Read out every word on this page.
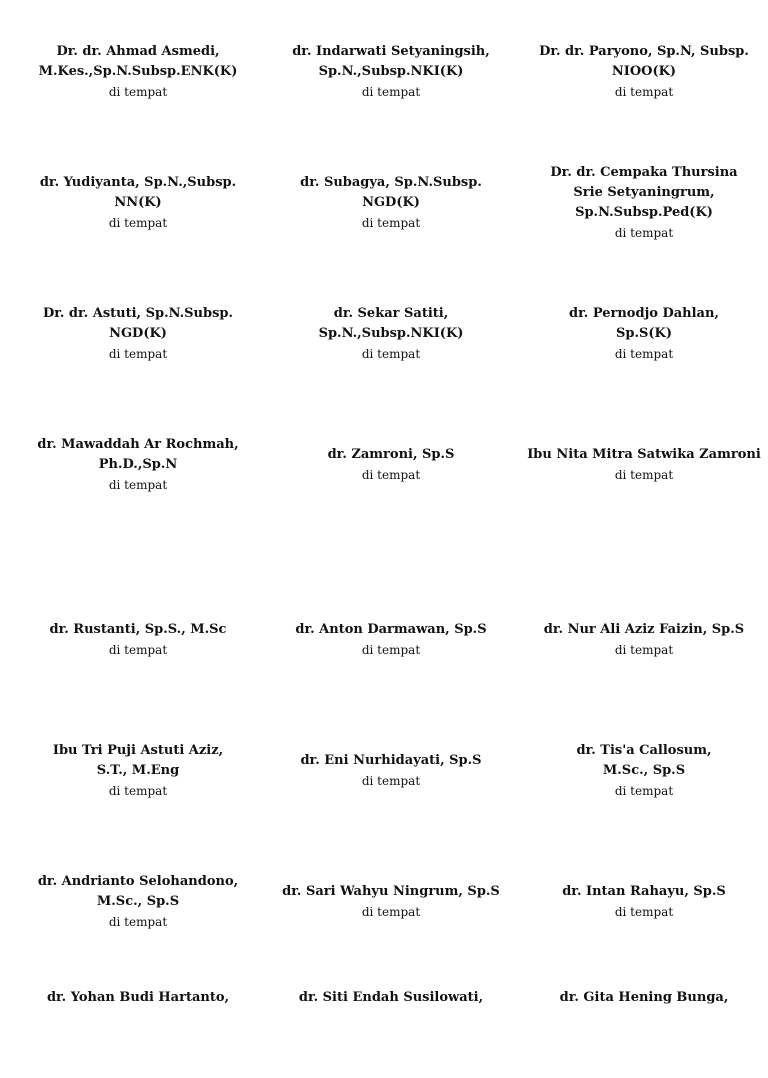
Dr. dr. Ahmad Asmedi,
M.Kes.,Sp.N.Subsp.ENK(K)
di tempat
dr. Indarwati Setyaningsih,
Sp.N.,Subsp.NKI(K)
di tempat
Dr. dr. Paryono, Sp.N, Subsp.
NIOO(K)
di tempat
dr. Yudiyanta, Sp.N.,Subsp.
NN(K)
di tempat
dr. Subagya, Sp.N.Subsp.
NGD(K)
di tempat
Dr. dr. Cempaka Thursina
Srie Setyaningrum,
Sp.N.Subsp.Ped(K)
di tempat
Dr. dr. Astuti, Sp.N.Subsp.
NGD(K)
di tempat
dr. Sekar Satiti,
Sp.N.,Subsp.NKI(K)
di tempat
dr. Pernodjo Dahlan,
Sp.S(K)
di tempat
dr. Mawaddah Ar Rochmah,
Ph.D.,Sp.N
di tempat
dr. Zamroni, Sp.S
di tempat
Ibu Nita Mitra Satwika Zamroni
di tempat
dr. Rustanti, Sp.S., M.Sc
di tempat
dr. Anton Darmawan, Sp.S
di tempat
dr. Nur Ali Aziz Faizin, Sp.S
di tempat
Ibu Tri Puji Astuti Aziz,
S.T., M.Eng
di tempat
dr. Eni Nurhidayati, Sp.S
di tempat
dr. Tis'a Callosum,
M.Sc., Sp.S
di tempat
dr. Andrianto Selohandono,
M.Sc., Sp.S
di tempat
dr. Sari Wahyu Ningrum, Sp.S
di tempat
dr. Intan Rahayu, Sp.S
di tempat
dr. Yohan Budi Hartanto,	dr. Siti Endah Susilowati,	dr. Gita Hening Bunga,
